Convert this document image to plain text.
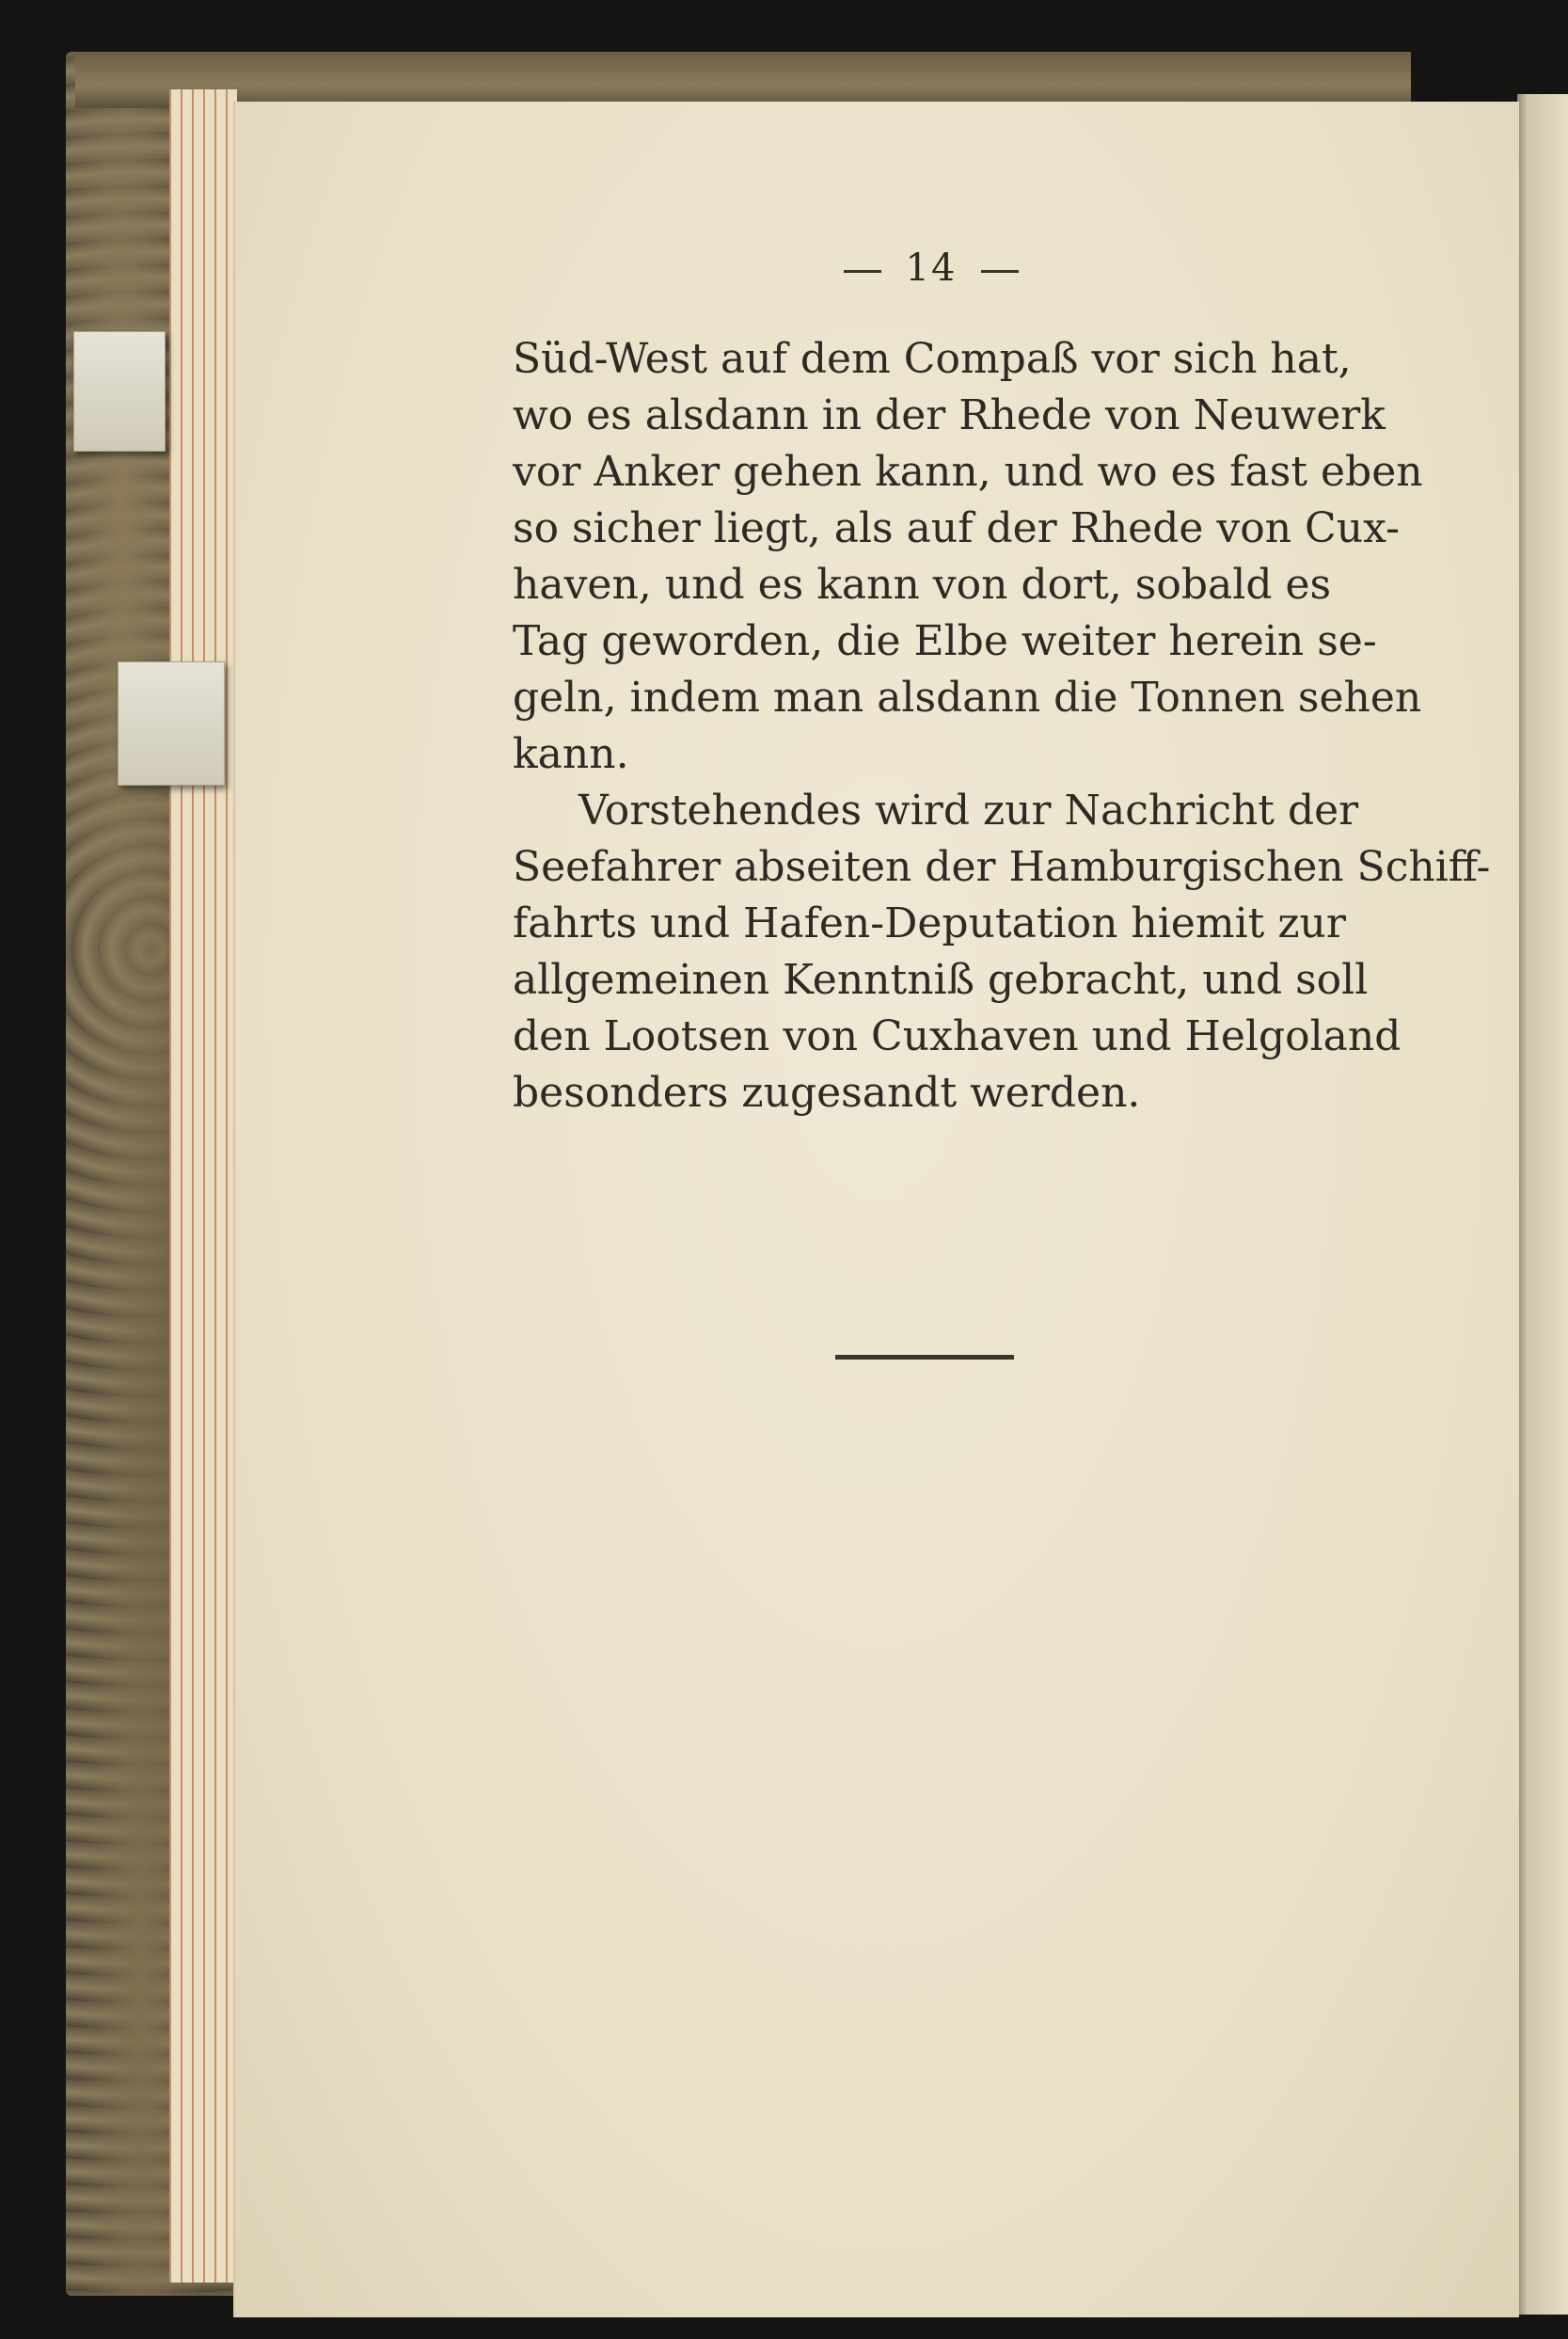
14
Süd-West auf dem Compaß vor sich hat,
wo es alsdann in der Rhede von Neuwerk
vor Anker gehen kann, und wo es fast eben
so sicher liegt, als auf der Rhede von Cux-
haven, und es kann von dort, sobald es
Tag geworden, die Elbe weiter herein se-
geln, indem man alsdann die Tonnen sehen
kann.
Vorstehendes wird zur Nachricht der
Seefahrer abseiten der Hamburgischen Schiff-
fahrts und Hafen-Deputation hiemit zur
allgemeinen Kenntniß gebracht, und soll
den Lootsen von Cuxhaven und Helgoland
besonders zugesandt werden.
